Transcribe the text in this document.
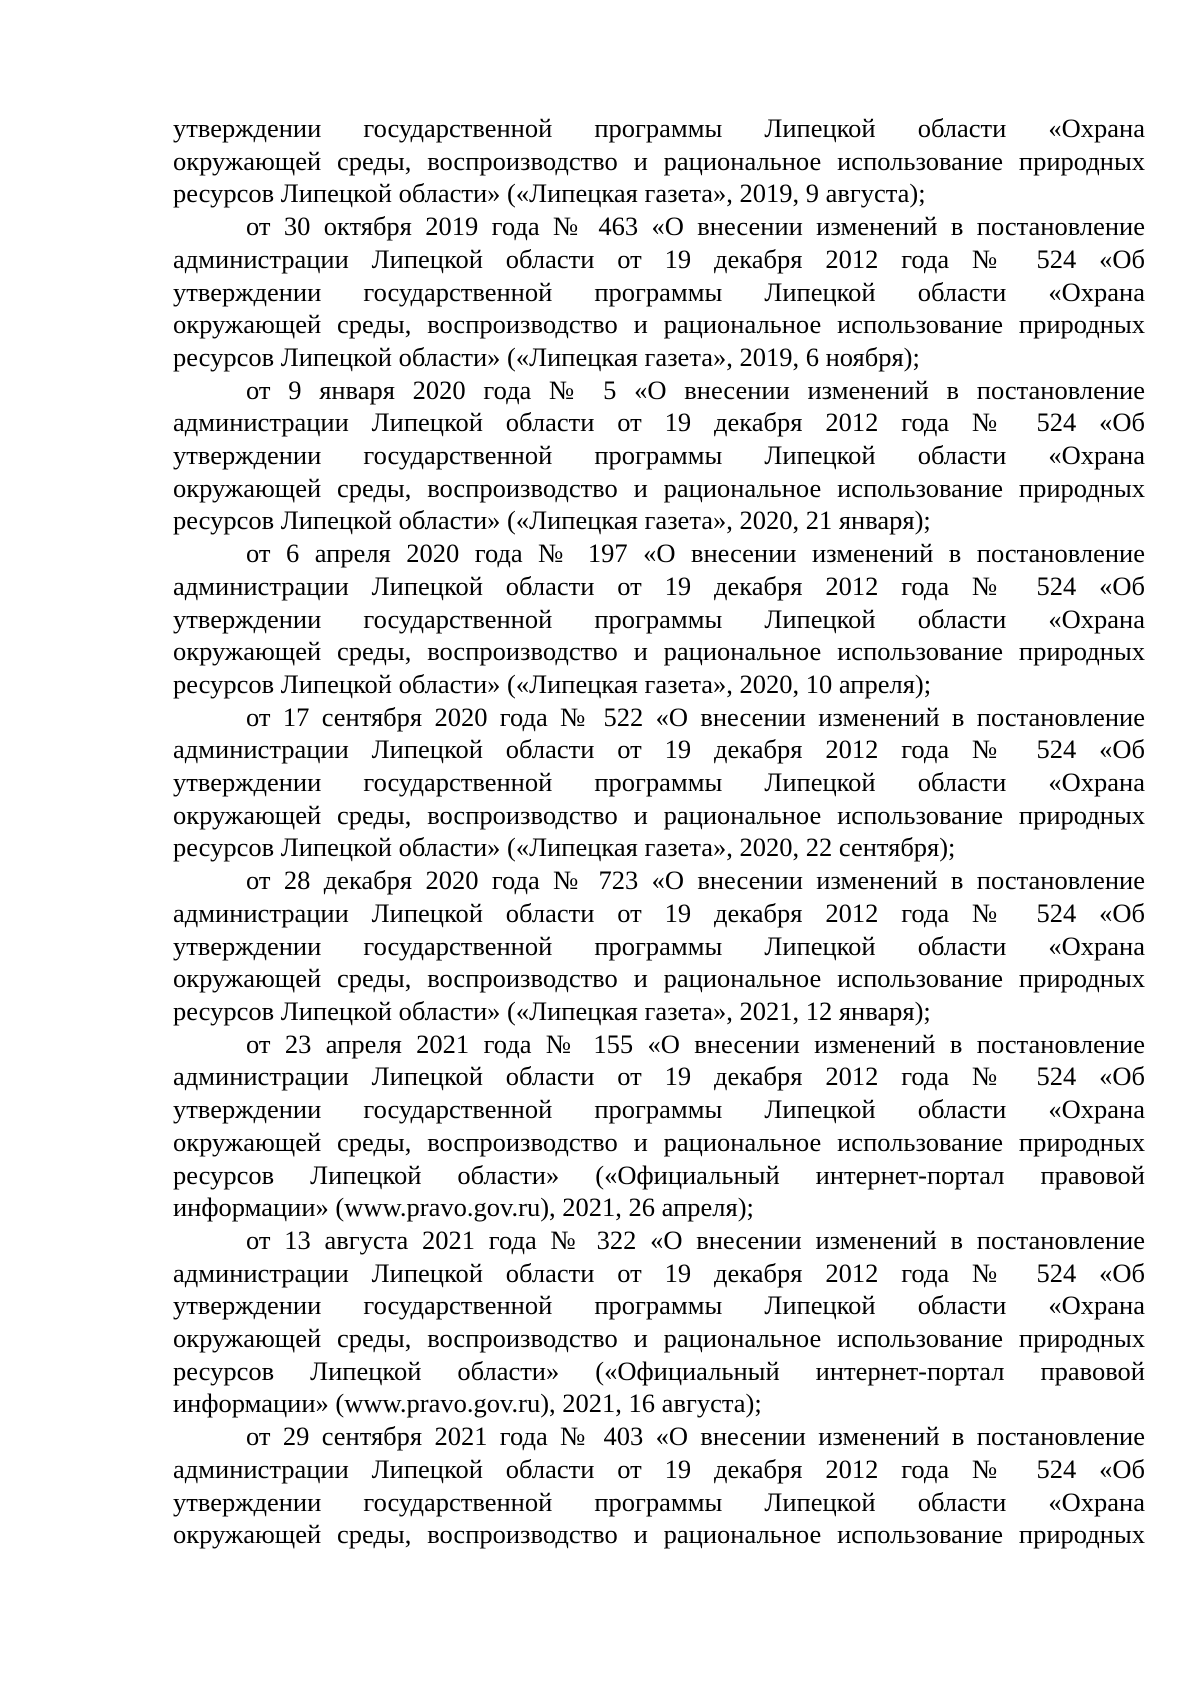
утверждении государственной программы Липецкой области «Охрана
окружающей среды, воспроизводство и рациональное использование природных
ресурсов Липецкой области» («Липецкая газета», 2019, 9 августа);
от 30 октября 2019 года № 463 «О внесении изменений в постановление
администрации Липецкой области от 19 декабря 2012 года № 524 «Об
утверждении государственной программы Липецкой области «Охрана
окружающей среды, воспроизводство и рациональное использование природных
ресурсов Липецкой области» («Липецкая газета», 2019, 6 ноября);
от 9 января 2020 года № 5 «О внесении изменений в постановление
администрации Липецкой области от 19 декабря 2012 года № 524 «Об
утверждении государственной программы Липецкой области «Охрана
окружающей среды, воспроизводство и рациональное использование природных
ресурсов Липецкой области» («Липецкая газета», 2020, 21 января);
от 6 апреля 2020 года № 197 «О внесении изменений в постановление
администрации Липецкой области от 19 декабря 2012 года № 524 «Об
утверждении государственной программы Липецкой области «Охрана
окружающей среды, воспроизводство и рациональное использование природных
ресурсов Липецкой области» («Липецкая газета», 2020, 10 апреля);
от 17 сентября 2020 года № 522 «О внесении изменений в постановление
администрации Липецкой области от 19 декабря 2012 года № 524 «Об
утверждении государственной программы Липецкой области «Охрана
окружающей среды, воспроизводство и рациональное использование природных
ресурсов Липецкой области» («Липецкая газета», 2020, 22 сентября);
от 28 декабря 2020 года № 723 «О внесении изменений в постановление
администрации Липецкой области от 19 декабря 2012 года № 524 «Об
утверждении государственной программы Липецкой области «Охрана
окружающей среды, воспроизводство и рациональное использование природных
ресурсов Липецкой области» («Липецкая газета», 2021, 12 января);
от 23 апреля 2021 года № 155 «О внесении изменений в постановление
администрации Липецкой области от 19 декабря 2012 года № 524 «Об
утверждении государственной программы Липецкой области «Охрана
окружающей среды, воспроизводство и рациональное использование природных
ресурсов Липецкой области» («Официальный интернет-портал правовой
информации» (www.pravo.gov.ru), 2021, 26 апреля);
от 13 августа 2021 года № 322 «О внесении изменений в постановление
администрации Липецкой области от 19 декабря 2012 года № 524 «Об
утверждении государственной программы Липецкой области «Охрана
окружающей среды, воспроизводство и рациональное использование природных
ресурсов Липецкой области» («Официальный интернет-портал правовой
информации» (www.pravo.gov.ru), 2021, 16 августа);
от 29 сентября 2021 года № 403 «О внесении изменений в постановление
администрации Липецкой области от 19 декабря 2012 года № 524 «Об
утверждении государственной программы Липецкой области «Охрана
окружающей среды, воспроизводство и рациональное использование природных
